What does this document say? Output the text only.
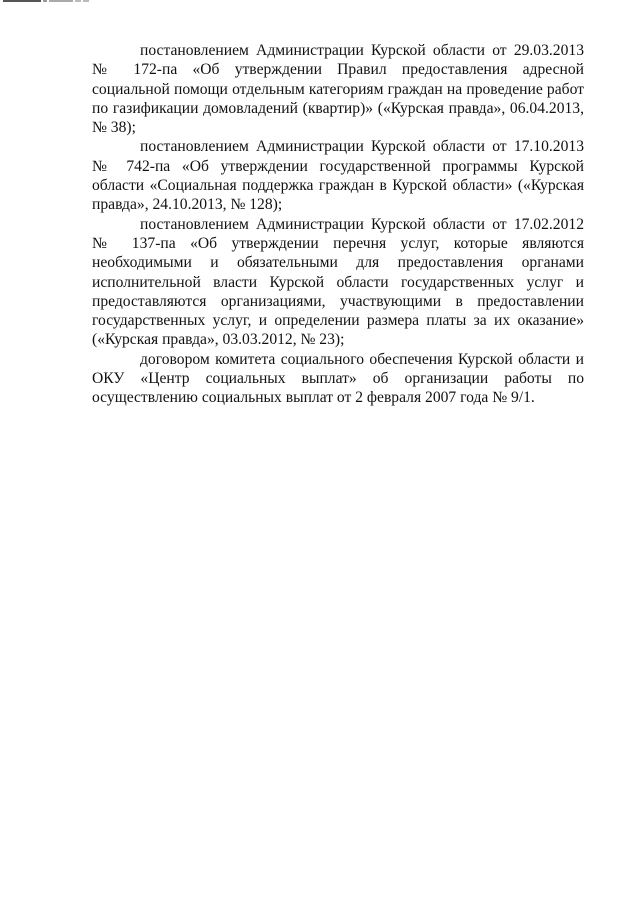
постановлением Администрации Курской области от 29.03.2013 № 172-па «Об утверждении Правил предоставления адресной социальной помощи отдельным категориям граждан на проведение работ по газификации домовладений (квартир)» («Курская правда», 06.04.2013, № 38);

постановлением Администрации Курской области от 17.10.2013 № 742-па «Об утверждении государственной программы Курской области «Социальная поддержка граждан в Курской области» («Курская правда», 24.10.2013, № 128);

постановлением Администрации Курской области от 17.02.2012 № 137-па «Об утверждении перечня услуг, которые являются необходимыми и обязательными для предоставления органами исполнительной власти Курской области государственных услуг и предоставляются организациями, участвующими в предоставлении государственных услуг, и определении размера платы за их оказание» («Курская правда», 03.03.2012, № 23);

договором комитета социального обеспечения Курской области и ОКУ «Центр социальных выплат» об организации работы по осуществлению социальных выплат от 2 февраля 2007 года № 9/1.
